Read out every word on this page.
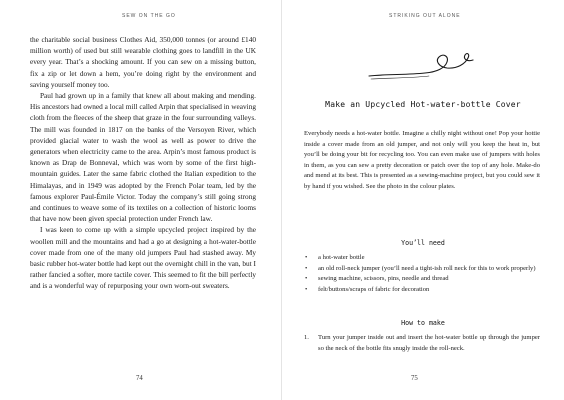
SEW ON THE GO

the charitable social business Clothes Aid, 350,000 tonnes (or around £140 million worth) of used but still wearable clothing goes to landfill in the UK every year. That’s a shocking amount. If you can sew on a missing button, fix a zip or let down a hem, you’re doing right by the environment and saving yourself money too.

Paul had grown up in a family that knew all about making and mending. His ancestors had owned a local mill called Arpin that specialised in weaving cloth from the fleeces of the sheep that graze in the four surrounding valleys. The mill was founded in 1817 on the banks of the Versoyen River, which provided glacial water to wash the wool as well as power to drive the generators when electricity came to the area. Arpin’s most famous product is known as Drap de Bonneval, which was worn by some of the first high-mountain guides. Later the same fabric clothed the Italian expedition to the Himalayas, and in 1949 was adopted by the French Polar team, led by the famous explorer Paul-Émile Victor. Today the company’s still going strong and continues to weave some of its textiles on a collection of historic looms that have now been given special protection under French law.

I was keen to come up with a simple upcycled project inspired by the woollen mill and the mountains and had a go at designing a hot-water-bottle cover made from one of the many old jumpers Paul had stashed away. My basic rubber hot-water bottle had kept out the overnight chill in the van, but I rather fancied a softer, more tactile cover. This seemed to fit the bill perfectly and is a wonderful way of repurposing your own worn-out sweaters.

74
STRIKING OUT ALONE
Make an Upcycled Hot-water-bottle Cover
Everybody needs a hot-water bottle. Imagine a chilly night without one! Pop your hottie inside a cover made from an old jumper, and not only will you keep the heat in, but you’ll be doing your bit for recycling too. You can even make use of jumpers with holes in them, as you can sew a pretty decoration or patch over the top of any hole. Make-do and mend at its best. This is presented as a sewing-machine project, but you could sew it by hand if you wished. See the photo in the colour plates.
You’ll need
• a hot-water bottle
• an old roll-neck jumper (you’ll need a tight-ish roll neck for this to work properly)
• sewing machine, scissors, pins, needle and thread
• felt/buttons/scraps of fabric for decoration
How to make
1. Turn your jumper inside out and insert the hot-water bottle up through the jumper so the neck of the bottle fits snugly inside the roll-neck.
75
